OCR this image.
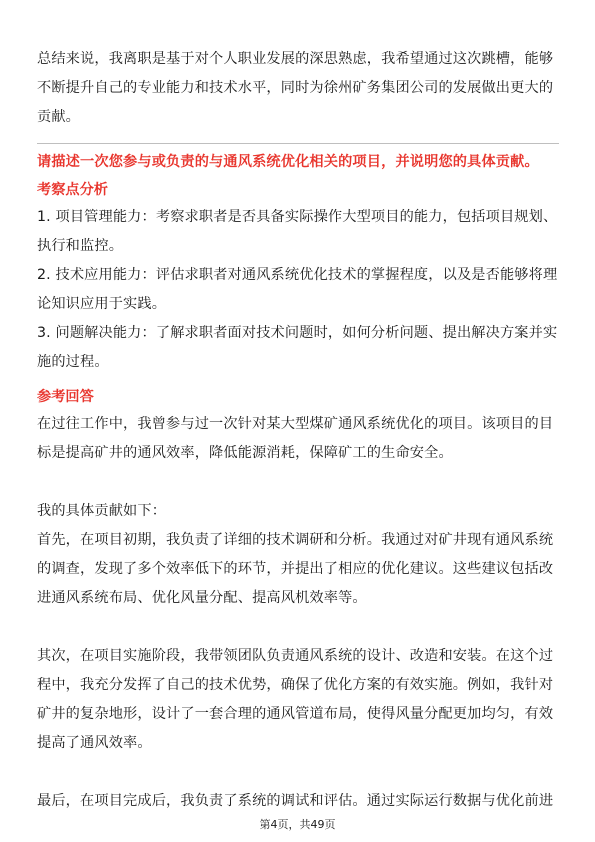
总结来说，我离职是基于对个人职业发展的深思熟虑，我希望通过这次跳槽，能够不断提升自己的专业能力和技术水平，同时为徐州矿务集团公司的发展做出更大的贡献。

请描述一次您参与或负责的与通风系统优化相关的项目，并说明您的具体贡献。

考察点分析

1. 项目管理能力：考察求职者是否具备实际操作大型项目的能力，包括项目规划、执行和监控。

2. 技术应用能力：评估求职者对通风系统优化技术的掌握程度，以及是否能够将理论知识应用于实践。

3. 问题解决能力：了解求职者面对技术问题时，如何分析问题、提出解决方案并实施的过程。

参考回答

在过往工作中，我曾参与过一次针对某大型煤矿通风系统优化的项目。该项目的目标是提高矿井的通风效率，降低能源消耗，保障矿工的生命安全。

我的具体贡献如下：

首先，在项目初期，我负责了详细的技术调研和分析。我通过对矿井现有通风系统的调查，发现了多个效率低下的环节，并提出了相应的优化建议。这些建议包括改进通风系统布局、优化风量分配、提高风机效率等。

其次，在项目实施阶段，我带领团队负责通风系统的设计、改造和安装。在这个过程中，我充分发挥了自己的技术优势，确保了优化方案的有效实施。例如，我针对矿井的复杂地形，设计了一套合理的通风管道布局，使得风量分配更加均匀，有效提高了通风效率。

最后，在项目完成后，我负责了系统的调试和评估。通过实际运行数据与优化前进

第4页，共49页
